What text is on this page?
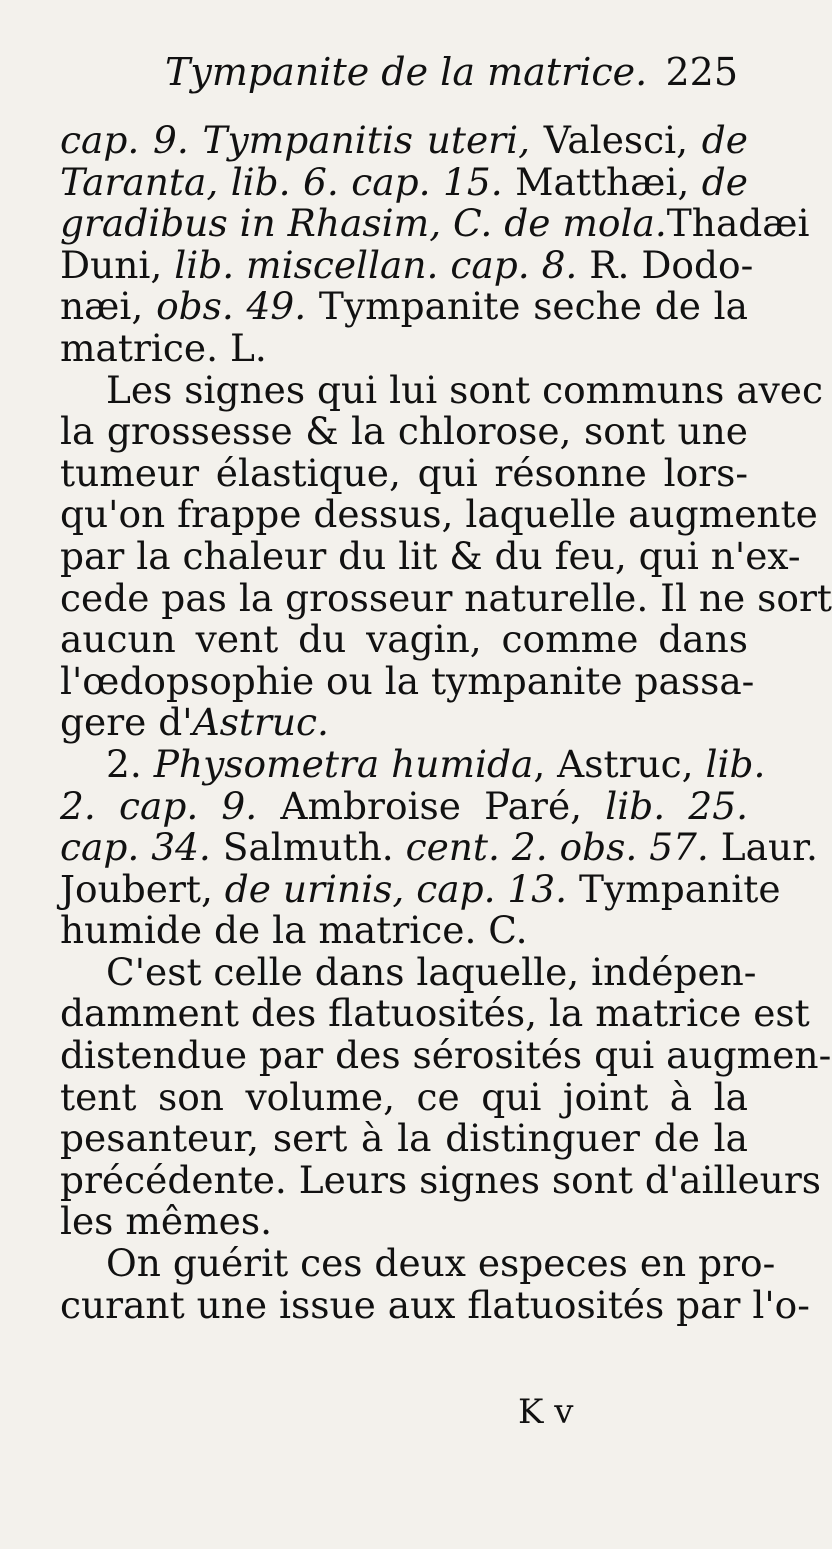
Tympanite de la matrice. 225
cap. 9. Tympanitis uteri, Valesci, de
Taranta, lib. 6. cap. 15. Matthæi, de
gradibus in Rhasim, C. de mola.Thadæi
Duni, lib. miscellan. cap. 8. R. Dodo-
næi, obs. 49. Tympanite seche de la
matrice. L.
Les signes qui lui sont communs avec
la grossesse & la chlorose, sont une
tumeur élastique, qui résonne lors-
qu'on frappe dessus, laquelle augmente
par la chaleur du lit & du feu, qui n'ex-
cede pas la grosseur naturelle. Il ne sort
aucun vent du vagin, comme dans
l'œdopsophie ou la tympanite passa-
gere d'Astruc.
2. Physometra humida, Astruc, lib.
2. cap. 9. Ambroise Paré, lib. 25.
cap. 34. Salmuth. cent. 2. obs. 57. Laur.
Joubert, de urinis, cap. 13. Tympanite
humide de la matrice. C.
C'est celle dans laquelle, indépen-
damment des flatuosités, la matrice est
distendue par des sérosités qui augmen-
tent son volume, ce qui joint à la
pesanteur, sert à la distinguer de la
précédente. Leurs signes sont d'ailleurs
les mêmes.
On guérit ces deux especes en pro-
curant une issue aux flatuosités par l'o-
K v
